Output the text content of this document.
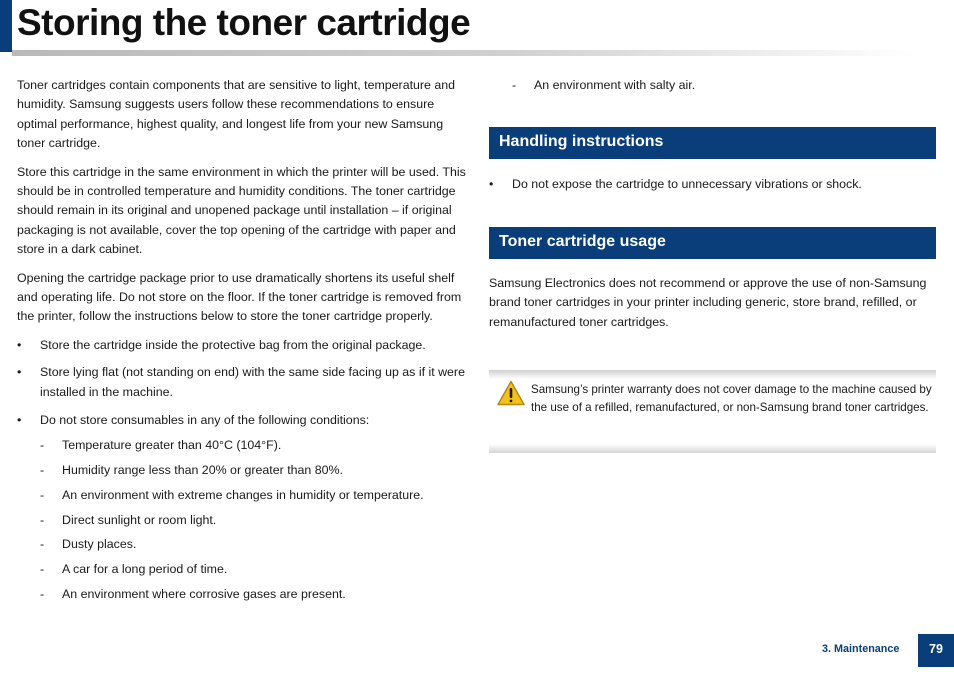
Storing the toner cartridge

Toner cartridges contain components that are sensitive to light, temperature and humidity. Samsung suggests users follow these recommendations to ensure optimal performance, highest quality, and longest life from your new Samsung toner cartridge.

Store this cartridge in the same environment in which the printer will be used. This should be in controlled temperature and humidity conditions. The toner cartridge should remain in its original and unopened package until installation – if original packaging is not available, cover the top opening of the cartridge with paper and store in a dark cabinet.

Opening the cartridge package prior to use dramatically shortens its useful shelf and operating life. Do not store on the floor. If the toner cartridge is removed from the printer, follow the instructions below to store the toner cartridge properly.

• Store the cartridge inside the protective bag from the original package.
• Store lying flat (not standing on end) with the same side facing up as if it were installed in the machine.
• Do not store consumables in any of the following conditions:
- Temperature greater than 40°C (104°F).
- Humidity range less than 20% or greater than 80%.
- An environment with extreme changes in humidity or temperature.
- Direct sunlight or room light.
- Dusty places.
- A car for a long period of time.
- An environment where corrosive gases are present.
- An environment with salty air.
Handling instructions
• Do not expose the cartridge to unnecessary vibrations or shock.
Toner cartridge usage

Samsung Electronics does not recommend or approve the use of non-Samsung brand toner cartridges in your printer including generic, store brand, refilled, or remanufactured toner cartridges.

Samsung’s printer warranty does not cover damage to the machine caused by the use of a refilled, remanufactured, or non-Samsung brand toner cartridges.
3. Maintenance	79
